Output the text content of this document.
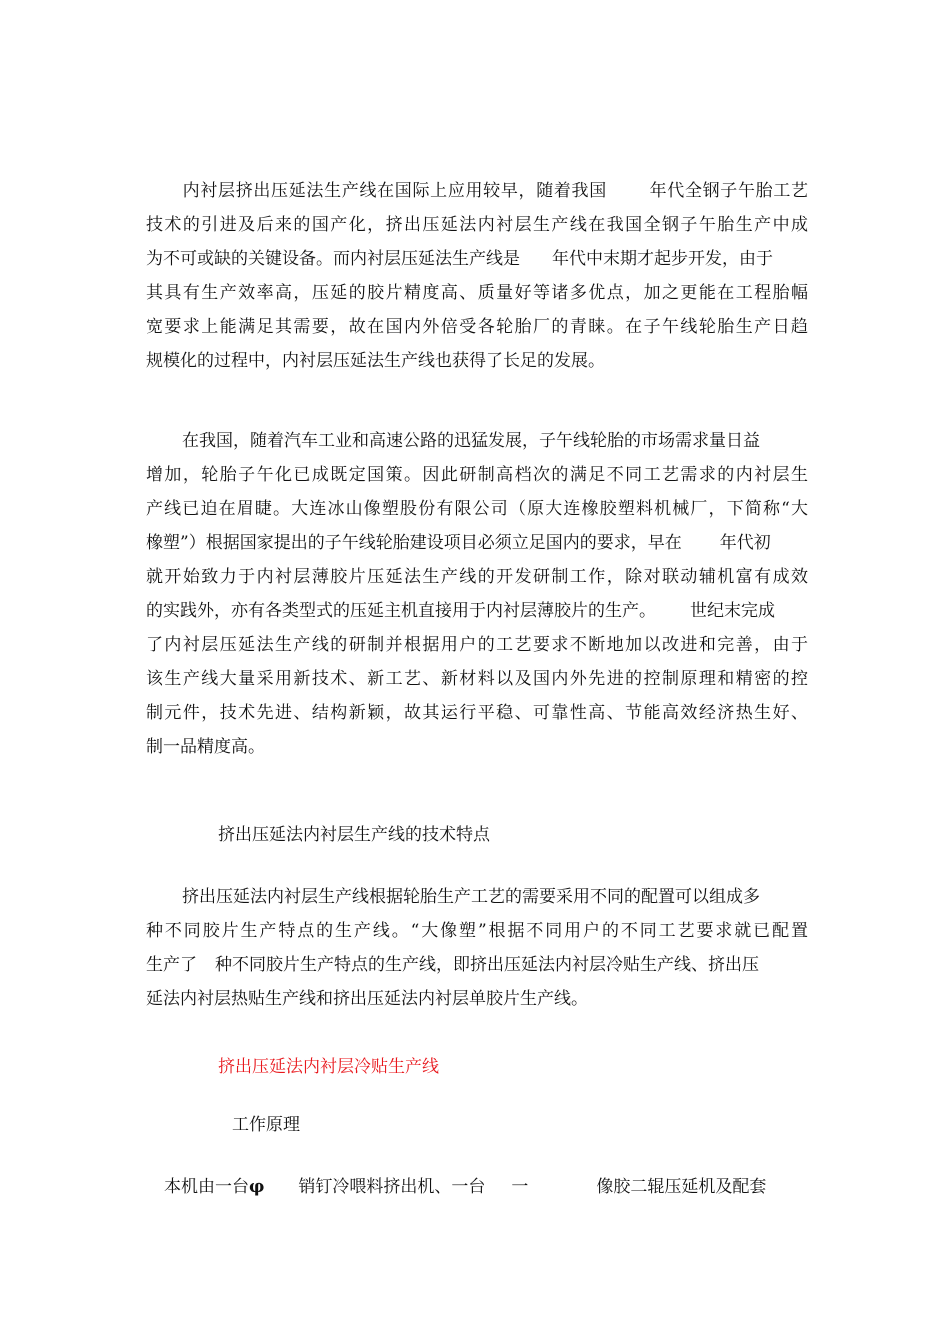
内衬层挤出压延法生产线在国际上应用较早，随着我国 年代全钢子午胎工艺
技术的引进及后来的国产化，挤出压延法内衬层生产线在我国全钢子午胎生产中成
为不可或缺的关键设备。而内衬层压延法生产线是 年代中末期才起步开发，由于
其具有生产效率高，压延的胶片精度高、质量好等诸多优点，加之更能在工程胎幅
宽要求上能满足其需要，故在国内外倍受各轮胎厂的青睐。在子午线轮胎生产日趋
规模化的过程中，内衬层压延法生产线也获得了长足的发展。
在我国，随着汽车工业和高速公路的迅猛发展，子午线轮胎的市场需求量日益
增加，轮胎子午化已成既定国策。因此研制高档次的满足不同工艺需求的内衬层生
产线已迫在眉睫。大连冰山像塑股份有限公司（原大连橡胶塑料机械厂，下简称“大
橡塑”）根据国家提出的子午线轮胎建设项目必须立足国内的要求，早在 年代初
就开始致力于内衬层薄胶片压延法生产线的开发研制工作，除对联动辅机富有成效
的实践外，亦有各类型式的压延主机直接用于内衬层薄胶片的生产。 世纪末完成
了内衬层压延法生产线的研制并根据用户的工艺要求不断地加以改进和完善，由于
该生产线大量采用新技术、新工艺、新材料以及国内外先进的控制原理和精密的控
制元件，技术先进、结构新颖，故其运行平稳、可靠性高、节能高效经济热生好、
制一品精度高。
挤出压延法内衬层生产线的技术特点
挤出压延法内衬层生产线根据轮胎生产工艺的需要采用不同的配置可以组成多
种不同胶片生产特点的生产线。“大像塑”根据不同用户的不同工艺要求就已配置
生产了 种不同胶片生产特点的生产线，即挤出压延法内衬层冷贴生产线、挤出压
延法内衬层热贴生产线和挤出压延法内衬层单胶片生产线。
挤出压延法内衬层冷贴生产线
工作原理
本机由一台φ 销钉冷喂料挤出机、一台 一	像胶二辊压延机及配套
